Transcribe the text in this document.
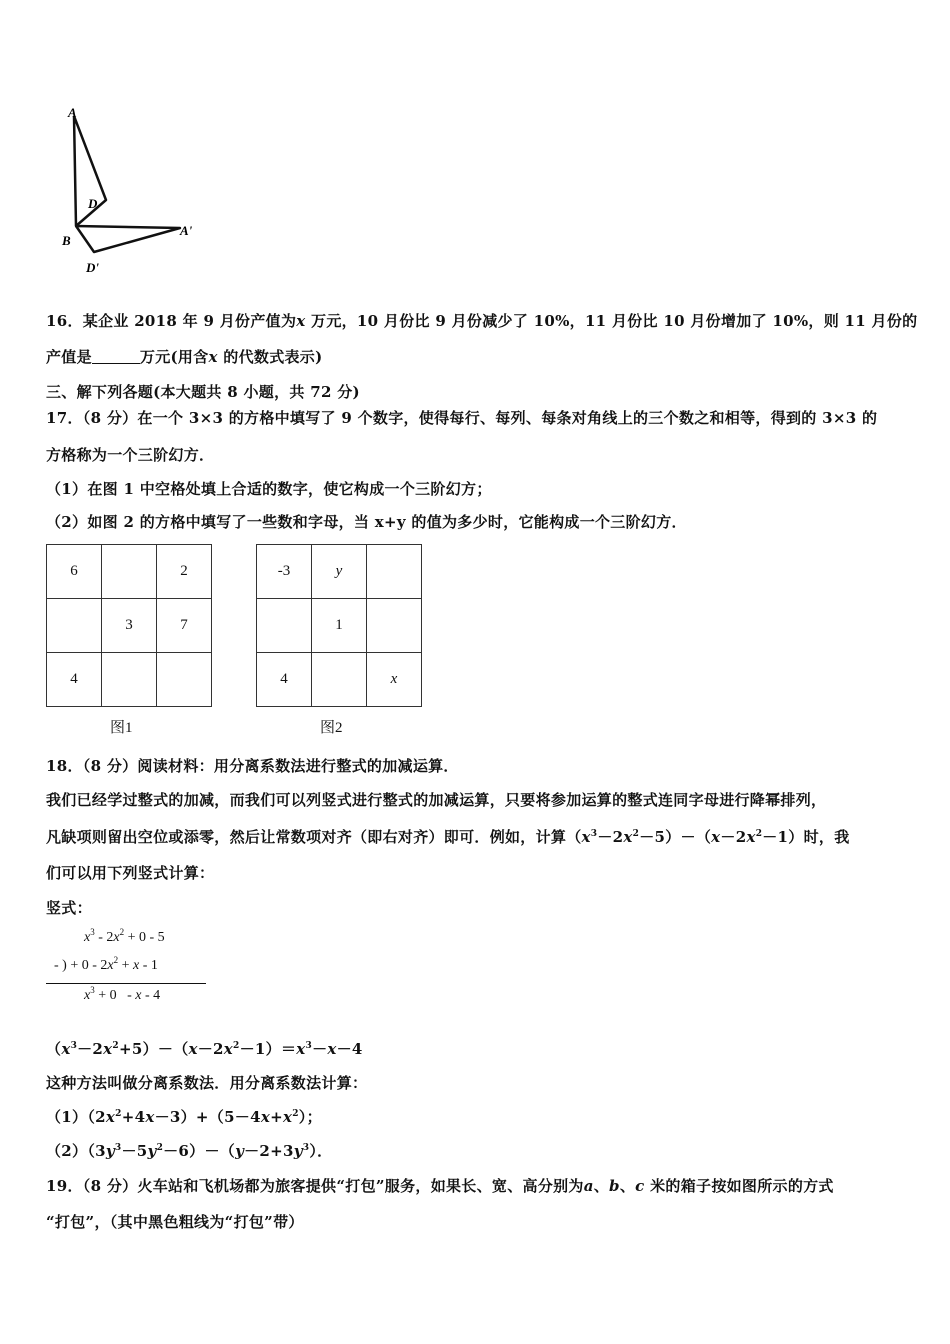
A
D
B
A'
D'
16．某企业 2018 年 9 月份产值为x 万元，10 月份比 9 月份减少了 10%，11 月份比 10 月份增加了 10%，则 11 月份的
产值是	万元(用含x 的代数式表示)
三、解下列各题(本大题共 8 小题，共 72 分)
17．（8 分）在一个 3×3 的方格中填写了 9 个数字，使得每行、每列、每条对角线上的三个数之和相等，得到的 3×3 的
方格称为一个三阶幻方．
（1）在图 1 中空格处填上合适的数字，使它构成一个三阶幻方；
（2）如图 2 的方格中填写了一些数和字母，当 x+y 的值为多少时，它能构成一个三阶幻方．
6		2
	3	7
4		
图1
-3	y	
	1	
4		x
图2
18．（8 分）阅读材料：用分离系数法进行整式的加减运算．
我们已经学过整式的加减，而我们可以列竖式进行整式的加减运算，只要将参加运算的整式连同字母进行降幂排列，
凡缺项则留出空位或添零，然后让常数项对齐（即右对齐）即可．例如，计算$(x^3-2x^2-5)-(x-2x^2-1)$时，我
们可以用下列竖式计算：
竖式：
$x^3 - 2x^2 + 0 - 5$
- ) + $0 - 2x^2 + x - 1$
$x^3 + 0 - x - 4$
$(x^3-2x^2+5)-(x-2x^2-1)=x^3-x-4$
这种方法叫做分离系数法．用分离系数法计算：
$(1)(2x^2+4x-3)+(5-4x+x^2)$；
$(2)(3y^3-5y^2-6)-(y-2+3y^3)$．
19．（8 分）火车站和飞机场都为旅客提供“打包”服务，如果长、宽、高分别为a、b、c 米的箱子按如图所示的方式
“打包”，（其中黑色粗线为“打包”带）
